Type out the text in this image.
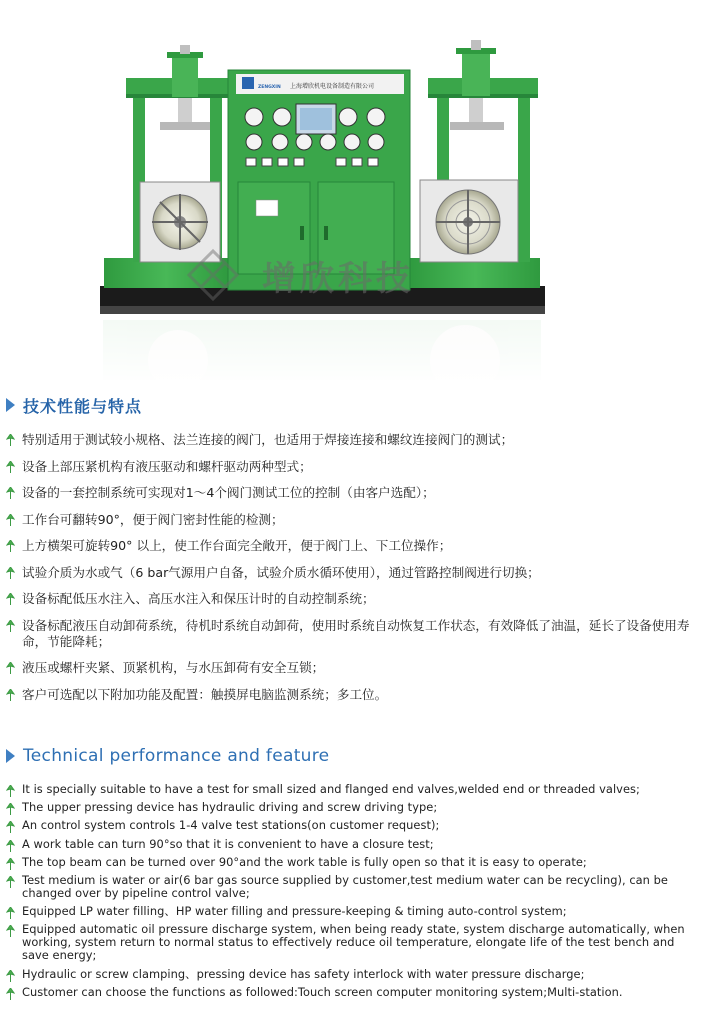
上海增欣机电设备制造有限公司
ZENGXIN
增欣科技
技术性能与特点
特别适用于测试较小规格、法兰连接的阀门，也适用于焊接连接和螺纹连接阀门的测试；
设备上部压紧机构有液压驱动和螺杆驱动两种型式；
设备的一套控制系统可实现对1～4个阀门测试工位的控制（由客户选配）；
工作台可翻转90°，便于阀门密封性能的检测；
上方横架可旋转90° 以上，使工作台面完全敞开，便于阀门上、下工位操作；
试验介质为水或气（6 bar气源用户自备，试验介质水循环使用），通过管路控制阀进行切换；
设备标配低压水注入、高压水注入和保压计时的自动控制系统；
设备标配液压自动卸荷系统，待机时系统自动卸荷，使用时系统自动恢复工作状态，有效降低了油温，延长了设备使用寿命，节能降耗；
液压或螺杆夹紧、顶紧机构，与水压卸荷有安全互锁；
客户可选配以下附加功能及配置：触摸屏电脑监测系统；多工位。
Technical performance and feature
It is specially suitable to have a test for small sized and flanged end valves,welded end or threaded valves;
The upper pressing device has hydraulic driving and screw driving type;
An control system controls 1-4 valve test stations(on customer request);
A work table can turn 90°so that it is convenient to have a closure test;
The top beam can be turned over 90°and the work table is fully open so that it is easy to operate;
Test medium is water or air(6 bar gas source supplied by customer,test medium water can be recycling), can be changed over by pipeline control valve;
Equipped LP water filling、HP water filling and pressure-keeping & timing auto-control system;
Equipped automatic oil pressure discharge system, when being ready state, system discharge automatically, when working, system return to normal status to effectively reduce oil temperature, elongate life of the test bench and save energy;
Hydraulic or screw clamping、pressing device has safety interlock with water pressure discharge;
Customer can choose the functions as followed:Touch screen computer monitoring system;Multi-station.
